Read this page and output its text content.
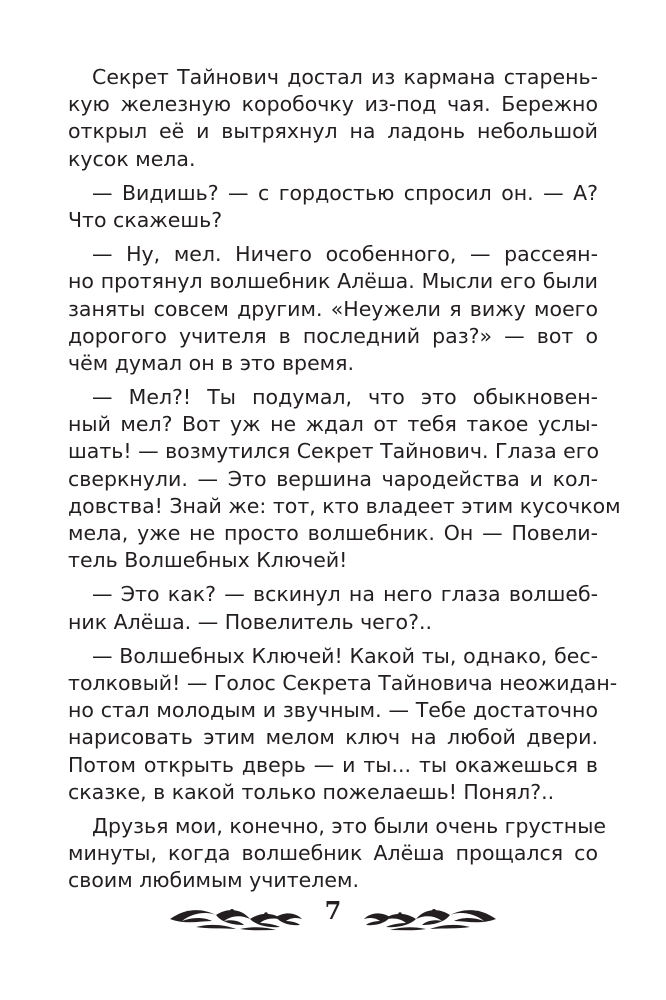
Секрет Тайнович достал из кармана старень-
кую железную коробочку из-под чая. Бережно
открыл её и вытряхнул на ладонь небольшой
кусок мела.
— Видишь? — с гордостью спросил он. — А?
Что скажешь?
— Ну, мел. Ничего особенного, — рассеян-
но протянул волшебник Алёша. Мысли его были
заняты совсем другим. «Неужели я вижу моего
дорогого учителя в последний раз?» — вот о
чём думал он в это время.
— Мел?! Ты подумал, что это обыкновен-
ный мел? Вот уж не ждал от тебя такое услы-
шать! — возмутился Секрет Тайнович. Глаза его
сверкнули. — Это вершина чародейства и кол-
довства! Знай же: тот, кто владеет этим кусочком
мела, уже не просто волшебник. Он — Повели-
тель Волшебных Ключей!
— Это как? — вскинул на него глаза волшеб-
ник Алёша. — Повелитель чего?..
— Волшебных Ключей! Какой ты, однако, бес-
толковый! — Голос Секрета Тайновича неожидан-
но стал молодым и звучным. — Тебе достаточно
нарисовать этим мелом ключ на любой двери.
Потом открыть дверь — и ты... ты окажешься в
сказке, в какой только пожелаешь! Понял?..
Друзья мои, конечно, это были очень грустные
минуты, когда волшебник Алёша прощался со
своим любимым учителем.
7
